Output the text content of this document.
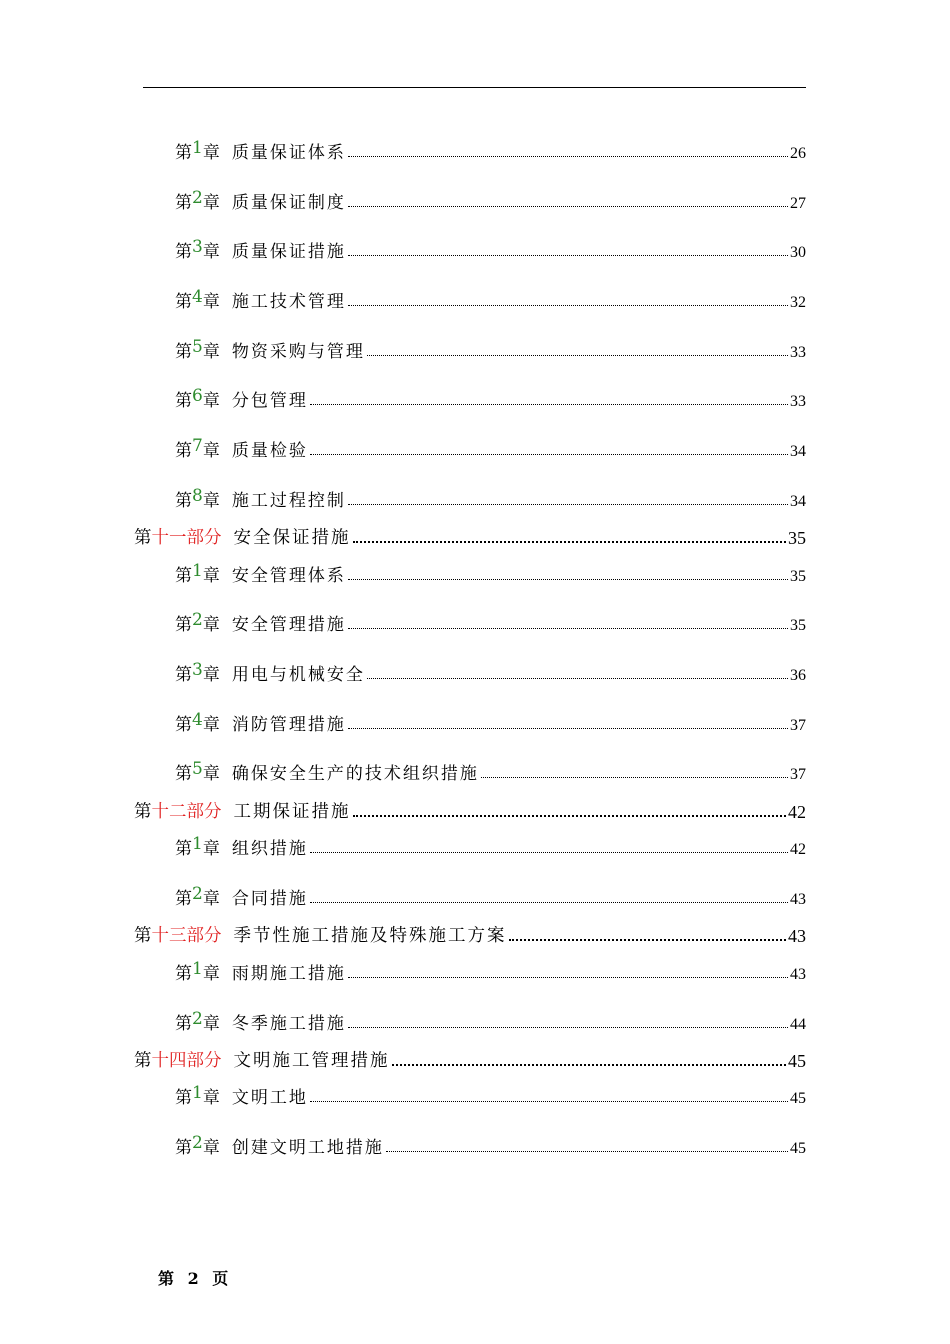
第 1 章 质量保证体系	26
第 2 章 质量保证制度	27
第 3 章 质量保证措施	30
第 4 章 施工技术管理	32
第 5 章 物资采购与管理	33
第 6 章 分包管理	33
第 7 章 质量检验	34
第 8 章 施工过程控制	34
第 十一部分 安全保证措施	35
第 1 章 安全管理体系	35
第 2 章 安全管理措施	35
第 3 章 用电与机械安全	36
第 4 章 消防管理措施	37
第 5 章 确保安全生产的技术组织措施	37
第 十二部分 工期保证措施	42
第 1 章 组织措施	42
第 2 章 合同措施	43
第 十三部分 季节性施工措施及特殊施工方案	43
第 1 章 雨期施工措施	43
第 2 章 冬季施工措施	44
第 十四部分 文明施工管理措施	45
第 1 章 文明工地	45
第 2 章 创建文明工地措施	45
第 2 页
